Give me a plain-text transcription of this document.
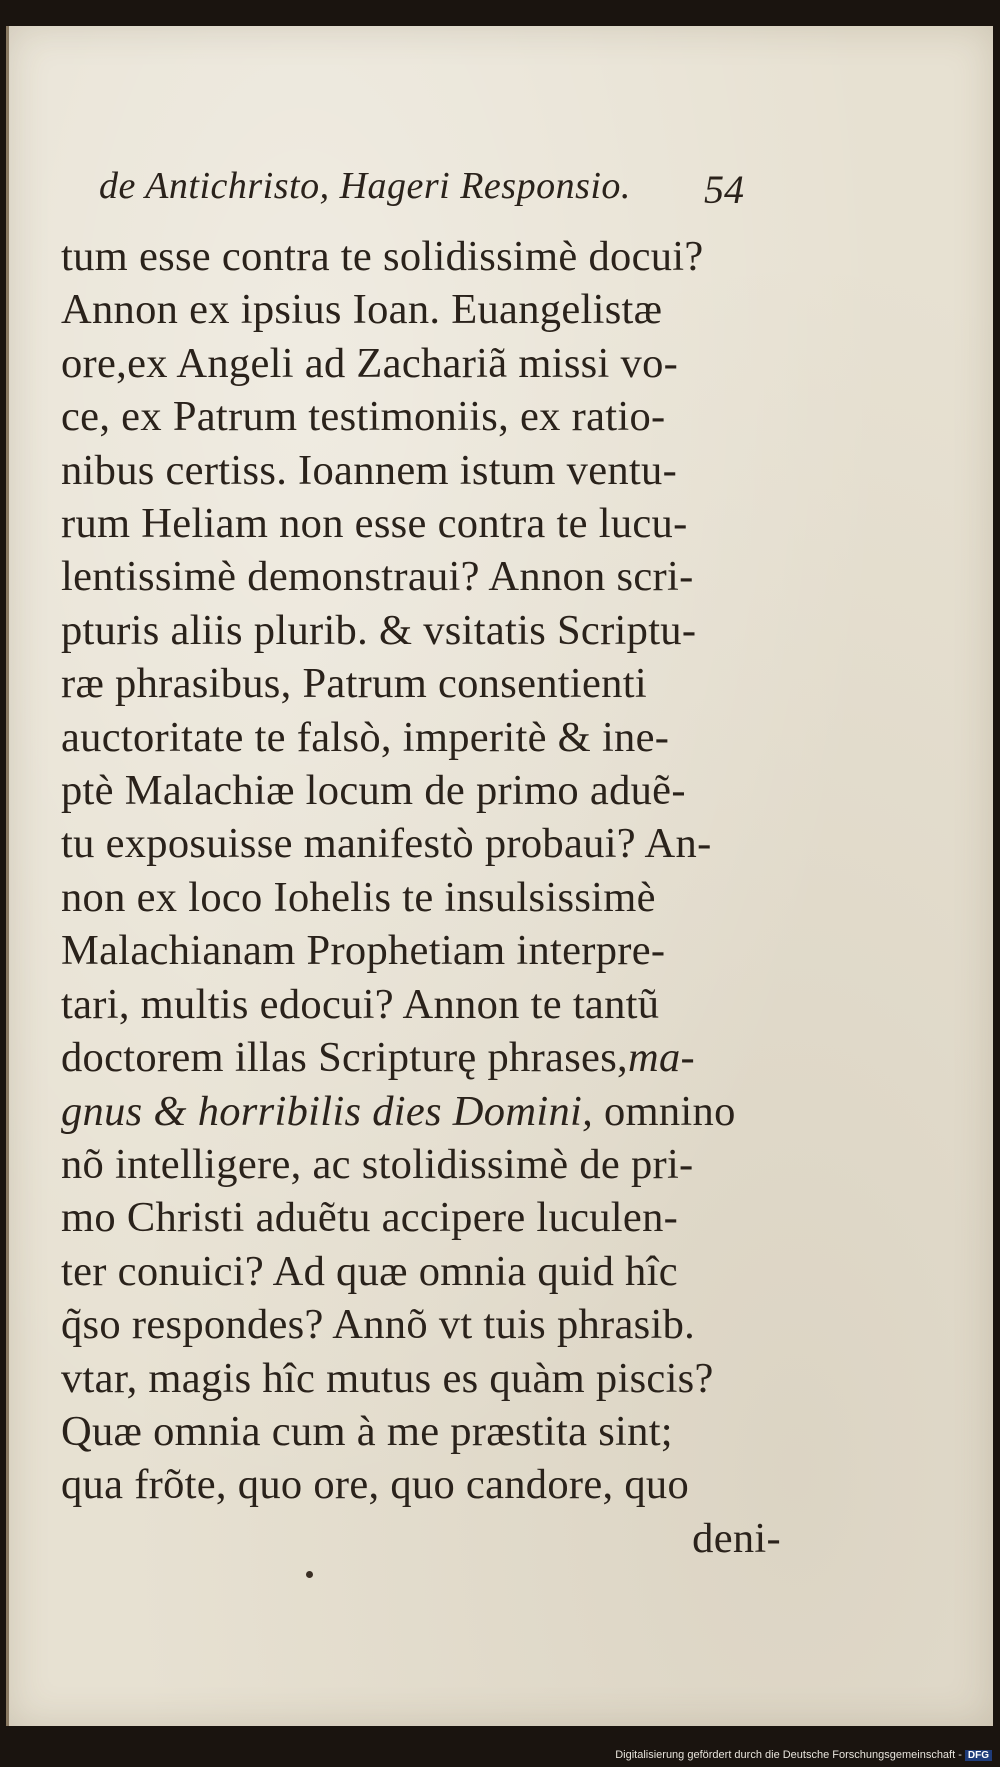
de Antichristo, Hageri Responsio.	54
tum esse contra te solidissimè docui?
Annon ex ipsius Ioan. Euangelistæ
ore,ex Angeli ad Zachariã missi vo-
ce, ex Patrum testimoniis, ex ratio-
nibus certiss. Ioannem istum ventu-
rum Heliam non esse contra te lucu-
lentissimè demonstraui? Annon scri-
pturis aliis plurib. & vsitatis Scriptu-
ræ phrasibus, Patrum consentienti
auctoritate te falsò, imperitè & ine-
ptè Malachiæ locum de primo aduẽ-
tu exposuisse manifestò probaui? An-
non ex loco Iohelis te insulsissimè
Malachianam Prophetiam interpre-
tari, multis edocui? Annon te tantũ
doctorem illas Scripturę phrases,ma-
gnus & horribilis dies Domini, omnino
nõ intelligere, ac stolidissimè de pri-
mo Christi aduẽtu accipere luculen-
ter conuici? Ad quæ omnia quid hîc
q̃so respondes? Annõ vt tuis phrasib.
vtar, magis hîc mutus es quàm piscis?
Quæ omnia cum à me præstita sint;
qua frõte, quo ore, quo candore, quo
deni-
Digitalisierung gefördert durch die Deutsche Forschungsgemeinschaft - DFG
